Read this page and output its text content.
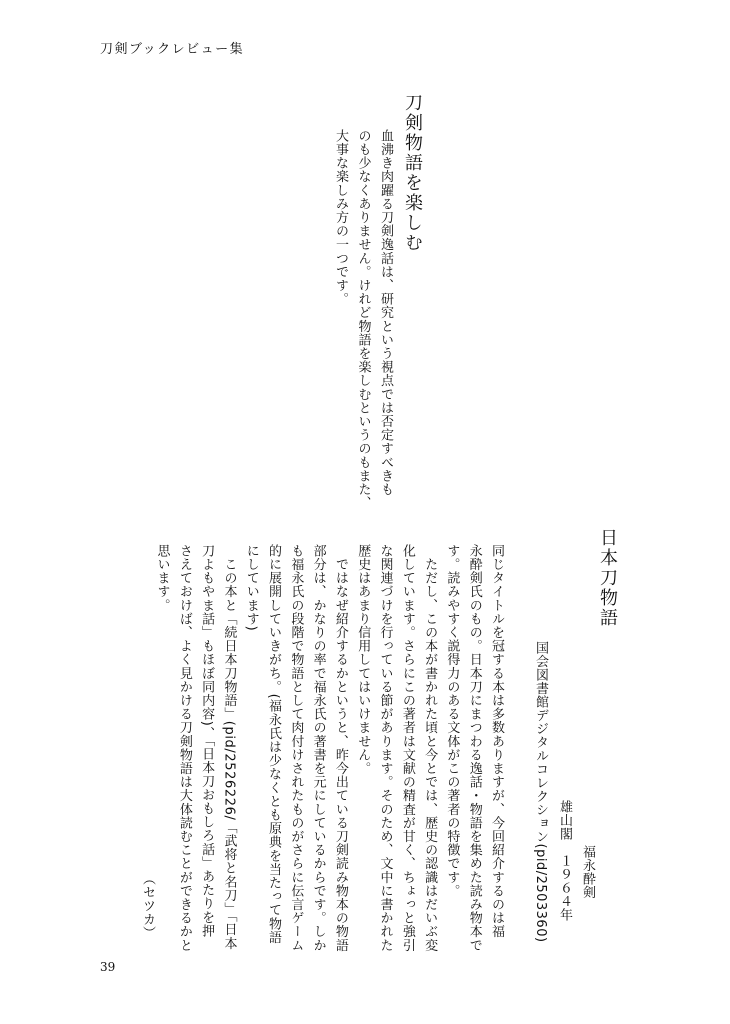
刀剣ブックレビュー集
刀剣物語を楽しむ
血沸き肉躍る刀剣逸話は、研究という視点では否定すべきも
のも少なくありません。けれど物語を楽しむというのもまた、
大事な楽しみ方の一つです。
日本刀物語
福永酔剣
雄山閣　１９６４年
国会図書館デジタルコレクション(pid/2503360)
同じタイトルを冠する本は多数ありますが、今回紹介するのは福
永酔剣氏のもの。日本刀にまつわる逸話・物語を集めた読み物本で
す。読みやすく説得力のある文体がこの著者の特徴です。
　ただし、この本が書かれた頃と今とでは、歴史の認識はだいぶ変
化しています。さらにこの著者は文献の精査が甘く、ちょっと強引
な関連づけを行っている節があります。そのため、文中に書かれた
歴史はあまり信用してはいけません。
　ではなぜ紹介するかというと、昨今出ている刀剣読み物本の物語
部分は、かなりの率で福永氏の著書を元にしているからです。しか
も福永氏の段階で物語として肉付けされたものがさらに伝言ゲーム
的に展開していきがち。(福永氏は少なくとも原典を当たって物語
にしています)
　この本と「続日本刀物語」(pid/2526226/「武将と名刀」「日本
刀よもやま話」もほぼ同内容)、「日本刀おもしろ話」あたりを押
さえておけば、よく見かける刀剣物語は大体読むことができるかと
思います。
（セツカ）
39
